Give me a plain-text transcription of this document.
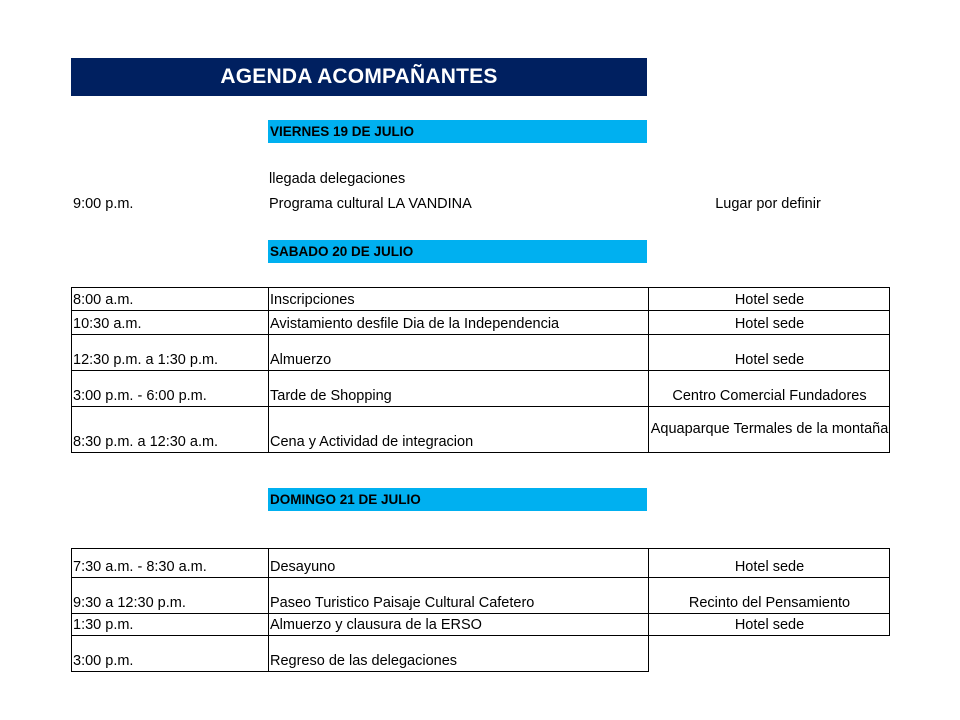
AGENDA ACOMPAÑANTES
VIERNES 19 DE JULIO
llegada delegaciones
9:00 p.m.	Programa cultural LA VANDINA	Lugar por definir
SABADO 20 DE JULIO
8:00 a.m.	Inscripciones	Hotel sede
10:30 a.m.	Avistamiento desfile Dia de la Independencia	Hotel sede
12:30 p.m. a 1:30 p.m.	Almuerzo	Hotel sede
3:00 p.m. - 6:00 p.m.	Tarde de Shopping	Centro Comercial Fundadores
8:30 p.m. a 12:30 a.m.	Cena y Actividad de integracion	Aquaparque Termales de la montaña
DOMINGO 21 DE JULIO
7:30 a.m. - 8:30 a.m.	Desayuno	Hotel sede
9:30 a 12:30 p.m.	Paseo Turistico Paisaje Cultural Cafetero	Recinto del Pensamiento
1:30 p.m.	Almuerzo y clausura de la ERSO	Hotel sede
3:00 p.m.	Regreso de las delegaciones	
